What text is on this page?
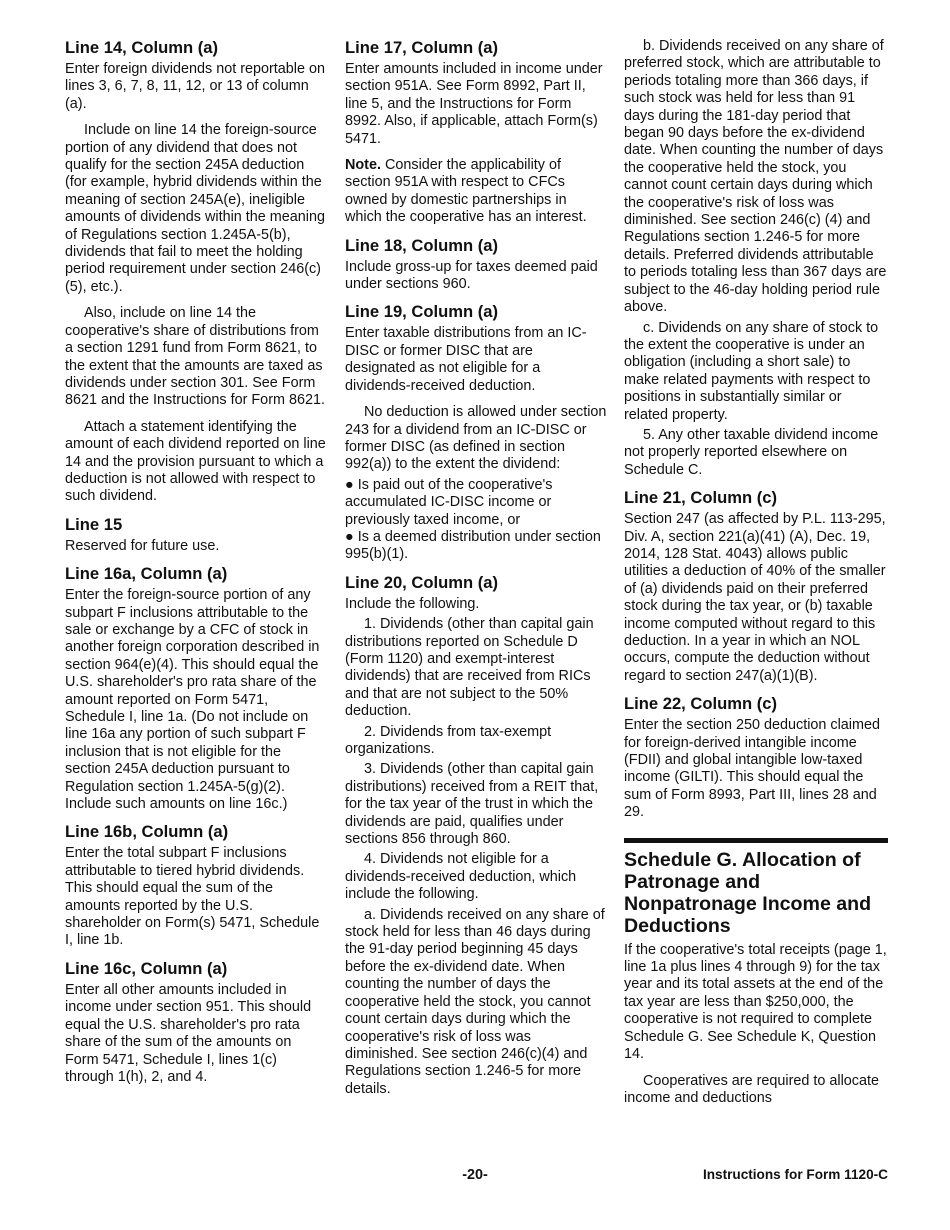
Line 14, Column (a)

Enter foreign dividends not reportable on lines 3, 6, 7, 8, 11, 12, or 13 of column (a).

Include on line 14 the foreign-source portion of any dividend that does not qualify for the section 245A deduction (for example, hybrid dividends within the meaning of section 245A(e), ineligible amounts of dividends within the meaning of Regulations section 1.245A-5(b), dividends that fail to meet the holding period requirement under section 246(c) (5), etc.).

Also, include on line 14 the cooperative's share of distributions from a section 1291 fund from Form 8621, to the extent that the amounts are taxed as dividends under section 301. See Form 8621 and the Instructions for Form 8621.

Attach a statement identifying the amount of each dividend reported on line 14 and the provision pursuant to which a deduction is not allowed with respect to such dividend.

Line 15

Reserved for future use.

Line 16a, Column (a)

Enter the foreign-source portion of any subpart F inclusions attributable to the sale or exchange by a CFC of stock in another foreign corporation described in section 964(e)(4). This should equal the U.S. shareholder's pro rata share of the amount reported on Form 5471, Schedule I, line 1a. (Do not include on line 16a any portion of such subpart F inclusion that is not eligible for the section 245A deduction pursuant to Regulation section 1.245A-5(g)(2). Include such amounts on line 16c.)

Line 16b, Column (a)

Enter the total subpart F inclusions attributable to tiered hybrid dividends. This should equal the sum of the amounts reported by the U.S. shareholder on Form(s) 5471, Schedule I, line 1b.

Line 16c, Column (a)

Enter all other amounts included in income under section 951. This should equal the U.S. shareholder's pro rata share of the sum of the amounts on Form 5471, Schedule I, lines 1(c) through 1(h), 2, and 4.

Line 17, Column (a)

Enter amounts included in income under section 951A. See Form 8992, Part II, line 5, and the Instructions for Form 8992. Also, if applicable, attach Form(s) 5471.

Note. Consider the applicability of section 951A with respect to CFCs owned by domestic partnerships in which the cooperative has an interest.

Line 18, Column (a)

Include gross-up for taxes deemed paid under sections 960.

Line 19, Column (a)

Enter taxable distributions from an IC-DISC or former DISC that are designated as not eligible for a dividends-received deduction.

No deduction is allowed under section 243 for a dividend from an IC-DISC or former DISC (as defined in section 992(a)) to the extent the dividend:

● Is paid out of the cooperative's accumulated IC-DISC income or previously taxed income, or

● Is a deemed distribution under section 995(b)(1).

Line 20, Column (a)

Include the following.

1. Dividends (other than capital gain distributions reported on Schedule D (Form 1120) and exempt-interest dividends) that are received from RICs and that are not subject to the 50% deduction.

2. Dividends from tax-exempt organizations.

3. Dividends (other than capital gain distributions) received from a REIT that, for the tax year of the trust in which the dividends are paid, qualifies under sections 856 through 860.

4. Dividends not eligible for a dividends-received deduction, which include the following.

a. Dividends received on any share of stock held for less than 46 days during the 91-day period beginning 45 days before the ex-dividend date. When counting the number of days the cooperative held the stock, you cannot count certain days during which the cooperative's risk of loss was diminished. See section 246(c)(4) and Regulations section 1.246-5 for more details.

b. Dividends received on any share of preferred stock, which are attributable to periods totaling more than 366 days, if such stock was held for less than 91 days during the 181-day period that began 90 days before the ex-dividend date. When counting the number of days the cooperative held the stock, you cannot count certain days during which the cooperative's risk of loss was diminished. See section 246(c) (4) and Regulations section 1.246-5 for more details. Preferred dividends attributable to periods totaling less than 367 days are subject to the 46-day holding period rule above.

c. Dividends on any share of stock to the extent the cooperative is under an obligation (including a short sale) to make related payments with respect to positions in substantially similar or related property.

5. Any other taxable dividend income not properly reported elsewhere on Schedule C.

Line 21, Column (c)

Section 247 (as affected by P.L. 113-295, Div. A, section 221(a)(41) (A), Dec. 19, 2014, 128 Stat. 4043) allows public utilities a deduction of 40% of the smaller of (a) dividends paid on their preferred stock during the tax year, or (b) taxable income computed without regard to this deduction. In a year in which an NOL occurs, compute the deduction without regard to section 247(a)(1)(B).

Line 22, Column (c)

Enter the section 250 deduction claimed for foreign-derived intangible income (FDII) and global intangible low-taxed income (GILTI). This should equal the sum of Form 8993, Part III, lines 28 and 29.

Schedule G. Allocation of Patronage and Nonpatronage Income and Deductions

If the cooperative's total receipts (page 1, line 1a plus lines 4 through 9) for the tax year and its total assets at the end of the tax year are less than $250,000, the cooperative is not required to complete Schedule G. See Schedule K, Question 14.

Cooperatives are required to allocate income and deductions

-20-	Instructions for Form 1120-C
